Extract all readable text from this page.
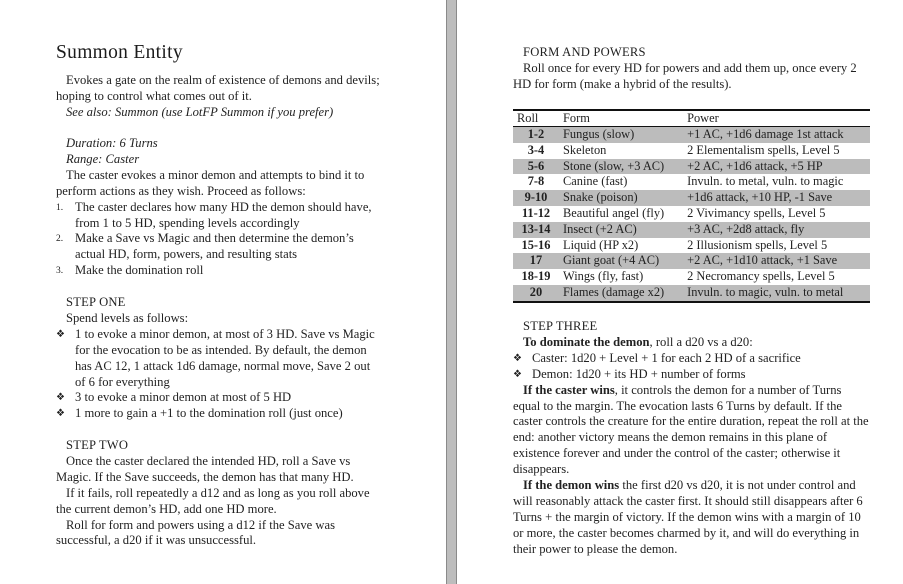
Summon Entity

Evokes a gate on the realm of existence of demons and devils; hoping to control what comes out of it.

See also: Summon (use LotFP Summon if you prefer)

Duration: 6 Turns

Range: Caster

The caster evokes a minor demon and attempts to bind it to perform actions as they wish. Proceed as follows:

1. The caster declares how many HD the demon should have, from 1 to 5 HD, spending levels accordingly
2. Make a Save vs Magic and then determine the demon’s actual HD, form, powers, and resulting stats
3. Make the domination roll

STEP ONE

Spend levels as follows:

❖ 1 to evoke a minor demon, at most of 3 HD. Save vs Magic for the evocation to be as intended. By default, the demon has AC 12, 1 attack 1d6 damage, normal move, Save 2 out of 6 for everything
❖ 3 to evoke a minor demon at most of 5 HD
❖ 1 more to gain a +1 to the domination roll (just once)

STEP TWO

Once the caster declared the intended HD, roll a Save vs Magic. If the Save succeeds, the demon has that many HD.

If it fails, roll repeatedly a d12 and as long as you roll above the current demon’s HD, add one HD more.

Roll for form and powers using a d12 if the Save was successful, a d20 if it was unsuccessful.

FORM AND POWERS

Roll once for every HD for powers and add them up, once every 2 HD for form (make a hybrid of the results).

Roll	Form	Power
1-2	Fungus (slow)	+1 AC, +1d6 damage 1st attack
3-4	Skeleton	2 Elementalism spells, Level 5
5-6	Stone (slow, +3 AC)	+2 AC, +1d6 attack, +5 HP
7-8	Canine (fast)	Invuln. to metal, vuln. to magic
9-10	Snake (poison)	+1d6 attack, +10 HP, -1 Save
11-12	Beautiful angel (fly)	2 Vivimancy spells, Level 5
13-14	Insect (+2 AC)	+3 AC, +2d8 attack, fly
15-16	Liquid (HP x2)	2 Illusionism spells, Level 5
17	Giant goat (+4 AC)	+2 AC, +1d10 attack, +1 Save
18-19	Wings (fly, fast)	2 Necromancy spells, Level 5
20	Flames (damage x2)	Invuln. to magic, vuln. to metal

STEP THREE

To dominate the demon, roll a d20 vs a d20:

❖ Caster: 1d20 + Level + 1 for each 2 HD of a sacrifice
❖ Demon: 1d20 + its HD + number of forms

If the caster wins, it controls the demon for a number of Turns equal to the margin. The evocation lasts 6 Turns by default. If the caster controls the creature for the entire duration, repeat the roll at the end: another victory means the demon remains in this plane of existence forever and under the control of the caster; otherwise it disappears.

If the demon wins the first d20 vs d20, it is not under control and will reasonably attack the caster first. It should still disappears after 6 Turns + the margin of victory. If the demon wins with a margin of 10 or more, the caster becomes charmed by it, and will do everything in their power to please the demon.
